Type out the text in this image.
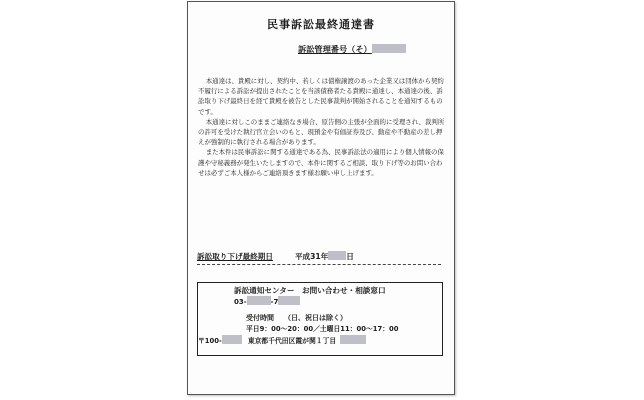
民事訴訟最終通達書
訴訟管理番号（そ）

本通達は、貴殿に対し、契約中、若しくは債権譲渡のあった企業又は団体から契約不履行による訴訟が提出されたことを当該債務者たる貴殿に通達し、本通達の後、訴訟取り下げ最終日を経て貴殿を被告とした民事裁判が開始されることを通知するものです。

本通達に対しこのままご連絡なき場合、原告側の主張が全面的に受理され、裁判所の許可を受けた執行官立会いのもと、現預金や有価証券及び、動産や不動産の差し押えが強制的に執行される場合があります。

また本件は民事訴訟に関する通達である為、民事訴訟法の適用により個人情報の保護や守秘義務が発生いたしますので、本件に関するご相談、取り下げ等のお問い合わせは必ずご本人様からご連絡頂きます様お願い申し上げます。

訴訟取り下げ最終期日	平成31年 日
訴訟通知センター　お問い合わせ・相談窓口
03-	-7
受付時間 （日、祝日は除く）
平日9：00～20：00／土曜日11：00～17：00
〒100-	東京都千代田区霞が関１丁目
